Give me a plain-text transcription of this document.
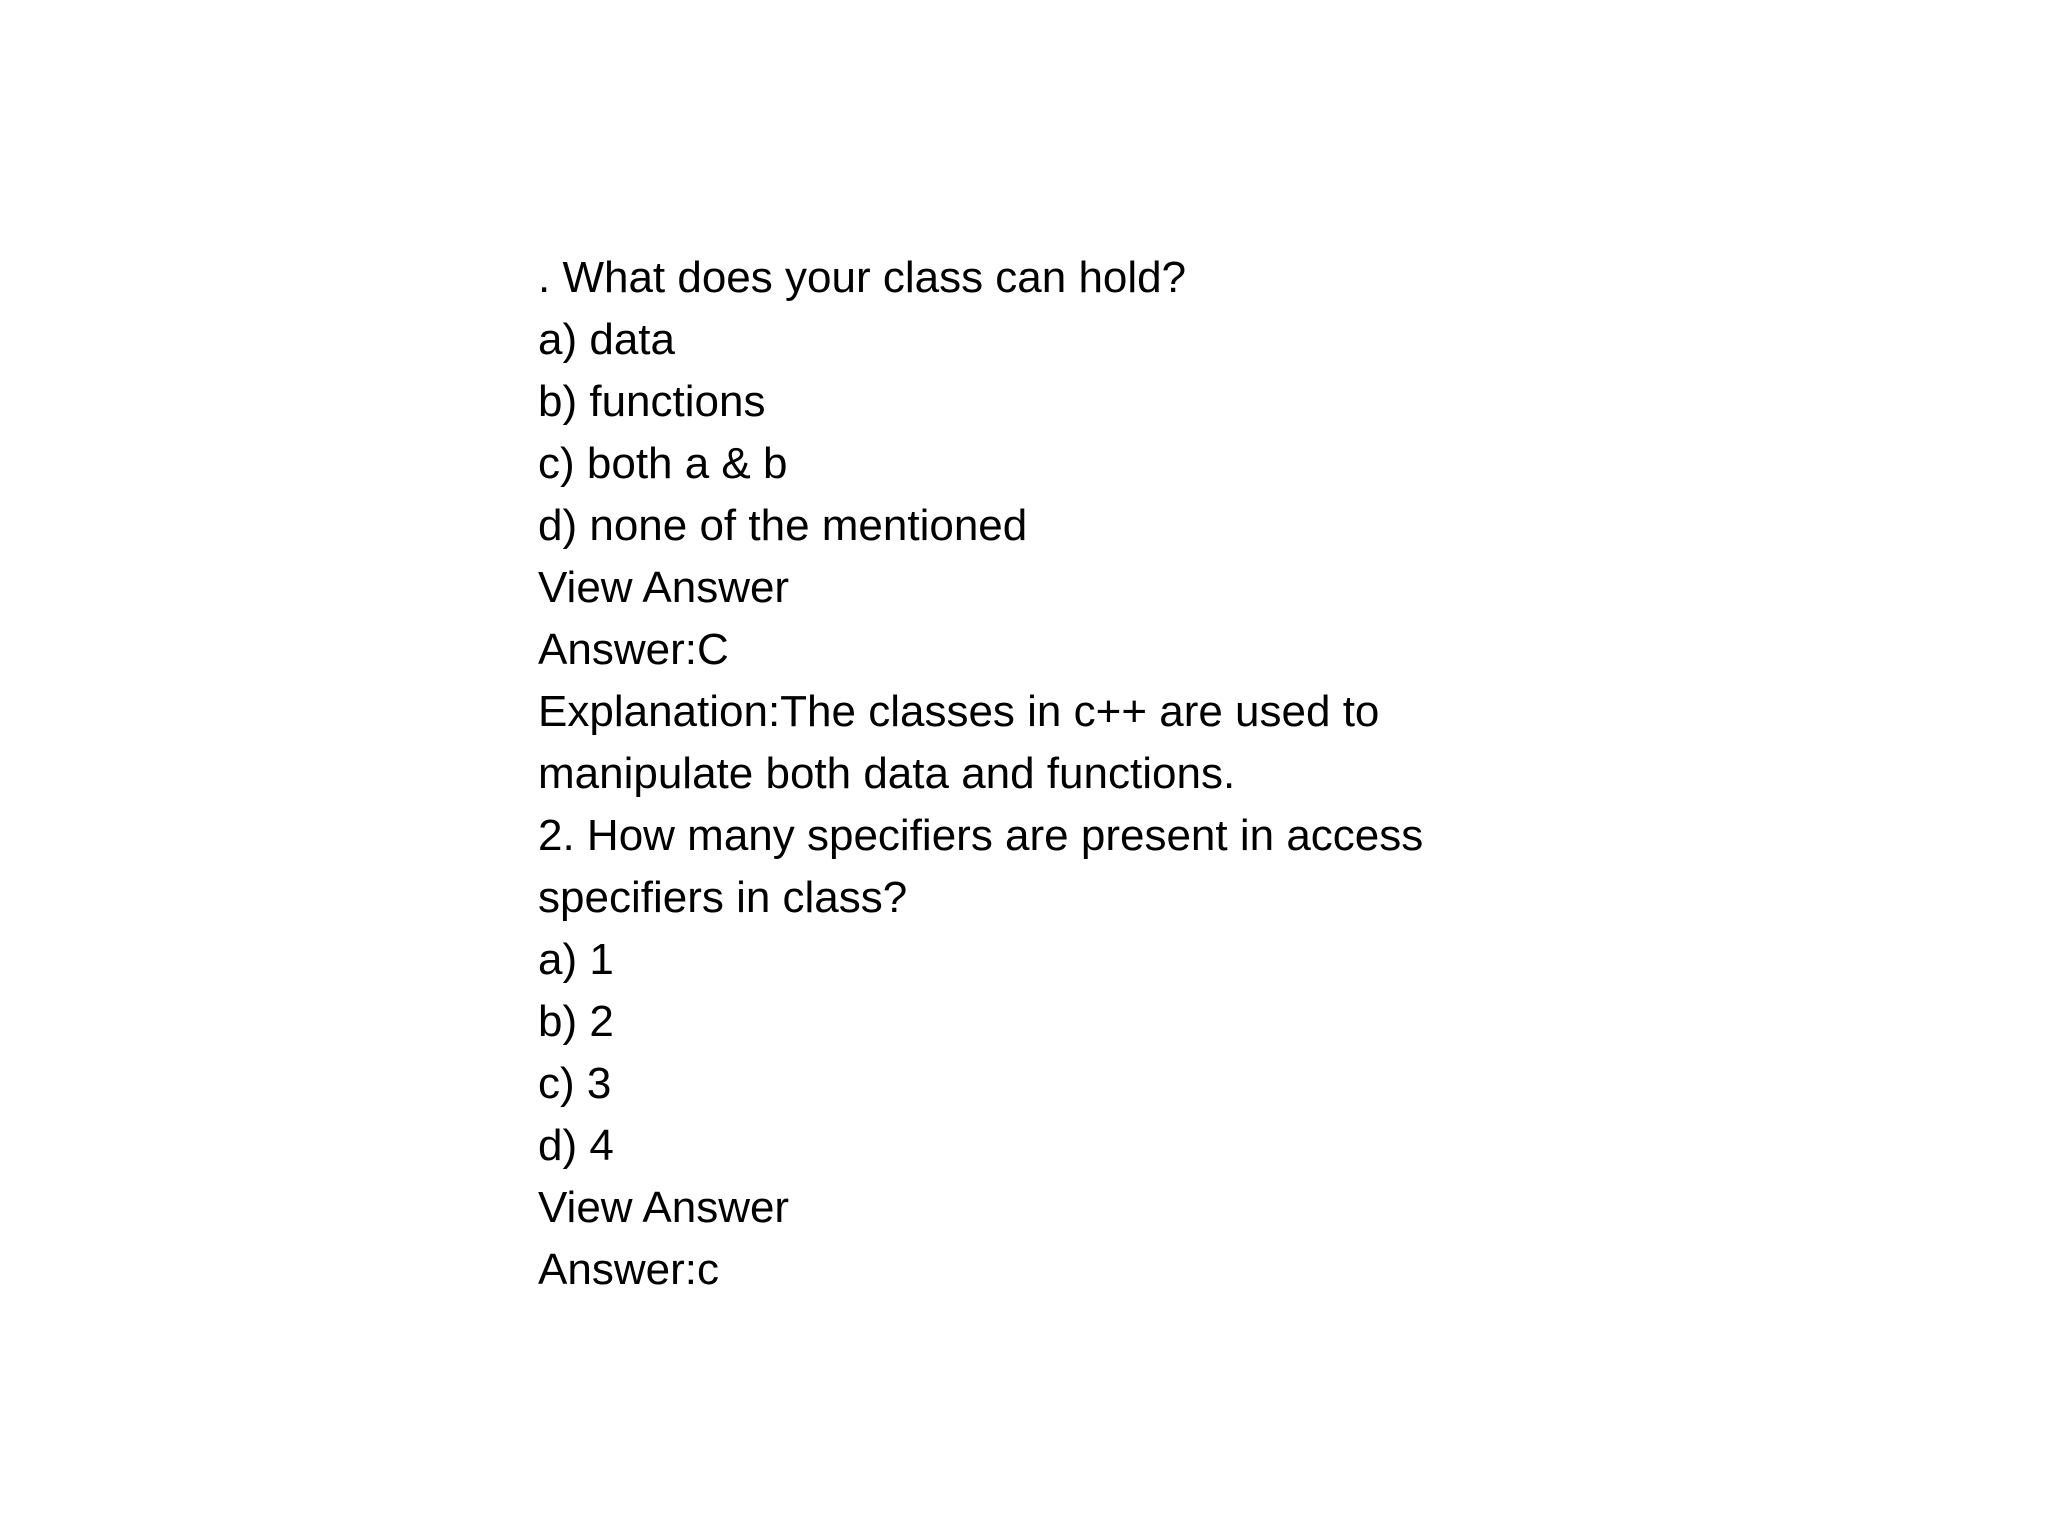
. What does your class can hold?
a) data
b) functions
c) both a & b
d) none of the mentioned
View Answer
Answer:C
Explanation:The classes in c++ are used to
manipulate both data and functions.
2. How many specifiers are present in access
specifiers in class?
a) 1
b) 2
c) 3
d) 4
View Answer
Answer:c
